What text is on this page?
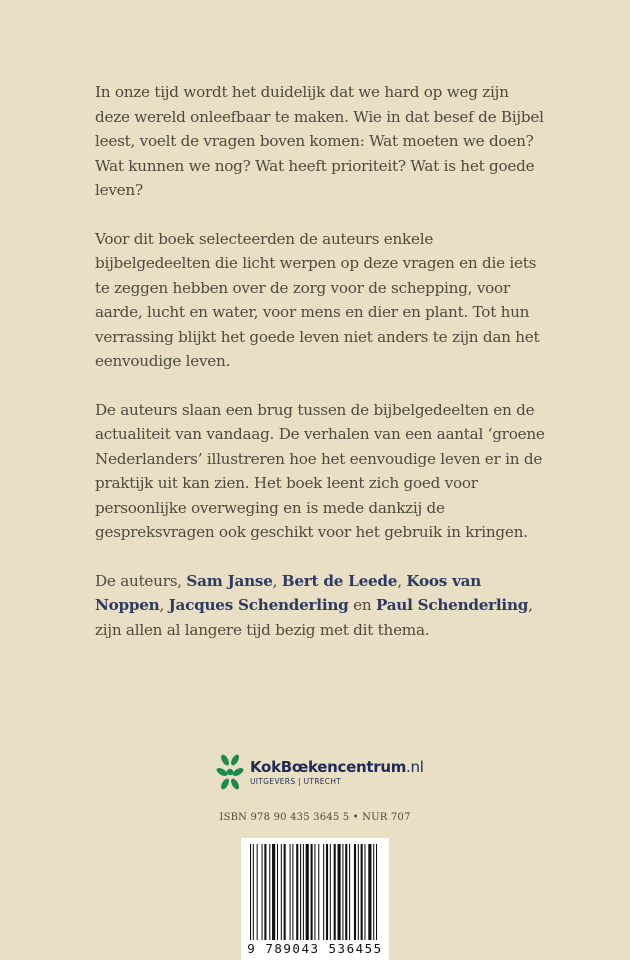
In onze tijd wordt het duidelijk dat we hard op weg zijn deze wereld onleefbaar te maken. Wie in dat besef de Bijbel leest, voelt de vragen boven komen: Wat moeten we doen? Wat kunnen we nog? Wat heeft prioriteit? Wat is het goede leven?

Voor dit boek selecteerden de auteurs enkele bijbelgedeelten die licht werpen op deze vragen en die iets te zeggen hebben over de zorg voor de schepping, voor aarde, lucht en water, voor mens en dier en plant. Tot hun verrassing blijkt het goede leven niet anders te zijn dan het eenvoudige leven.

De auteurs slaan een brug tussen de bijbelgedeelten en de actualiteit van vandaag. De verhalen van een aantal ‘groene Nederlanders’ illustreren hoe het eenvoudige leven er in de praktijk uit kan zien. Het boek leent zich goed voor persoonlijke overweging en is mede dankzij de gespreksvragen ook geschikt voor het gebruik in kringen.

De auteurs, Sam Janse, Bert de Leede, Koos van Noppen, Jacques Schenderling en Paul Schenderling, zijn allen al langere tijd bezig met dit thema.

KokBœkencentrum.nl
UITGEVERS | UTRECHT
ISBN 978 90 435 3645 5 • NUR 707
9 789043 536455
